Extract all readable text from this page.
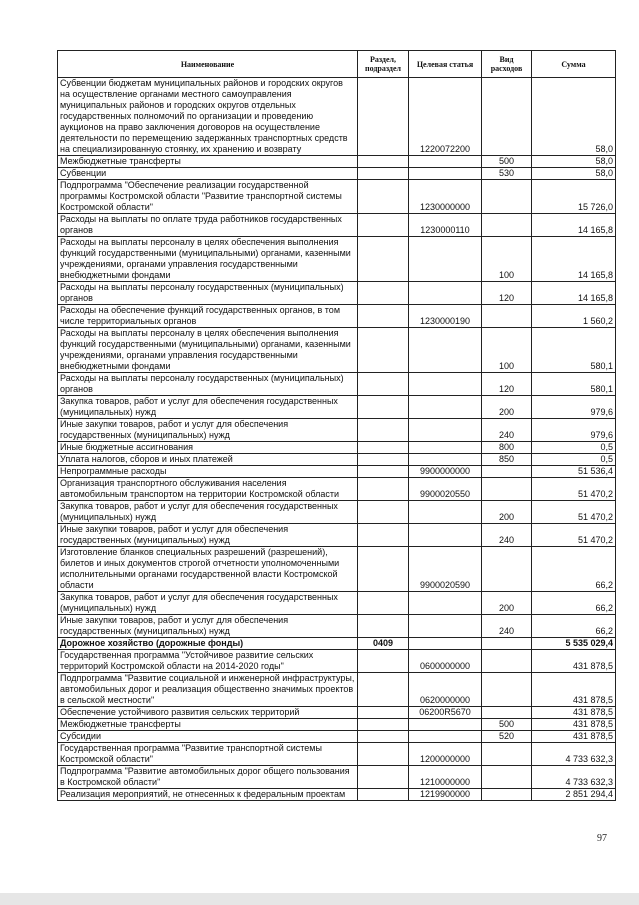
Наименование	Раздел, подраздел	Целевая статья	Вид расходов	Сумма
Субвенции бюджетам муниципальных районов и городских округов на осуществление органами местного самоуправления муниципальных районов и городских округов отдельных государственных полномочий по организации и проведению аукционов на право заключения договоров на осуществление деятельности по перемещению задержанных транспортных средств на специализированную стоянку, их хранению и возврату		1220072200		58,0
Межбюджетные трансферты			500	58,0
Субвенции			530	58,0
Подпрограмма "Обеспечение реализации государственной программы Костромской области "Развитие транспортной системы Костромской области"		1230000000		15 726,0
Расходы на выплаты по оплате труда работников государственных органов		1230000110		14 165,8
Расходы на выплаты персоналу в целях обеспечения выполнения функций государственными (муниципальными) органами, казенными учреждениями, органами управления государственными внебюджетными фондами			100	14 165,8
Расходы на выплаты персоналу государственных (муниципальных) органов			120	14 165,8
Расходы на обеспечение функций государственных органов, в том числе территориальных органов		1230000190		1 560,2
Расходы на выплаты персоналу в целях обеспечения выполнения функций государственными (муниципальными) органами, казенными учреждениями, органами управления государственными внебюджетными фондами			100	580,1
Расходы на выплаты персоналу государственных (муниципальных) органов			120	580,1
Закупка товаров, работ и услуг для обеспечения государственных (муниципальных) нужд			200	979,6
Иные закупки товаров, работ и услуг для обеспечения государственных (муниципальных) нужд			240	979,6
Иные бюджетные ассигнования			800	0,5
Уплата налогов, сборов и иных платежей			850	0,5
Непрограммные расходы		9900000000		51 536,4
Организация транспортного обслуживания населения автомобильным транспортом на территории Костромской области		9900020550		51 470,2
Закупка товаров, работ и услуг для обеспечения государственных (муниципальных) нужд			200	51 470,2
Иные закупки товаров, работ и услуг для обеспечения государственных (муниципальных) нужд			240	51 470,2
Изготовление бланков специальных разрешений (разрешений), билетов и иных документов строгой отчетности уполномоченными исполнительными органами государственной власти Костромской области		9900020590		66,2
Закупка товаров, работ и услуг для обеспечения государственных (муниципальных) нужд			200	66,2
Иные закупки товаров, работ и услуг для обеспечения государственных (муниципальных) нужд			240	66,2
Дорожное хозяйство (дорожные фонды)	0409			5 535 029,4
Государственная программа "Устойчивое развитие сельских территорий Костромской области на 2014-2020 годы"		0600000000		431 878,5
Подпрограмма "Развитие социальной и инженерной инфраструктуры, автомобильных дорог и реализация общественно значимых проектов в сельской местности"		0620000000		431 878,5
Обеспечение устойчивого развития сельских территорий		06200R5670		431 878,5
Межбюджетные трансферты			500	431 878,5
Субсидии			520	431 878,5
Государственная программа "Развитие транспортной системы Костромской области"		1200000000		4 733 632,3
Подпрограмма "Развитие автомобильных дорог общего пользования в Костромской области"		1210000000		4 733 632,3
Реализация мероприятий, не отнесенных к федеральным проектам		1219900000		2 851 294,4
97
